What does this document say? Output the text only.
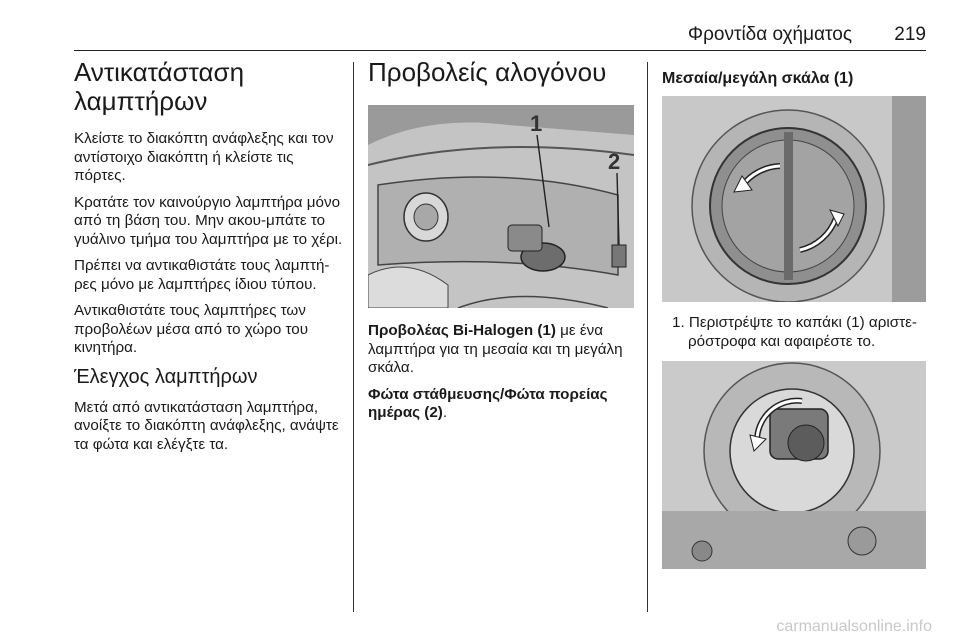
Φροντίδα οχήματος 219
Αντικατάσταση λαμπτήρων

Κλείστε το διακόπτη ανάφλεξης και τον αντίστοιχο διακόπτη ή κλείστε τις πόρτες.

Κρατάτε τον καινούργιο λαμπτήρα μόνο από τη βάση του. Μην ακου-μπάτε το γυάλινο τμήμα του λαμπτήρα με το χέρι.

Πρέπει να αντικαθιστάτε τους λαμπτή-ρες μόνο με λαμπτήρες ίδιου τύπου.

Αντικαθιστάτε τους λαμπτήρες των προβολέων μέσα από το χώρο του κινητήρα.

Έλεγχος λαμπτήρων

Μετά από αντικατάσταση λαμπτήρα, ανοίξτε το διακόπτη ανάφλεξης, ανάψτε τα φώτα και ελέγξτε τα.

Προβολείς αλογόνου
1
2

Προβολέας Bi-Halogen (1) με ένα λαμπτήρα για τη μεσαία και τη μεγάλη σκάλα.

Φώτα στάθμευσης/Φώτα πορείας ημέρας (2).

Μεσαία/μεγάλη σκάλα (1)

1. Περιστρέψτε το καπάκι (1) αριστε-ρόστροφα και αφαιρέστε το.

carmanualsonline.info
